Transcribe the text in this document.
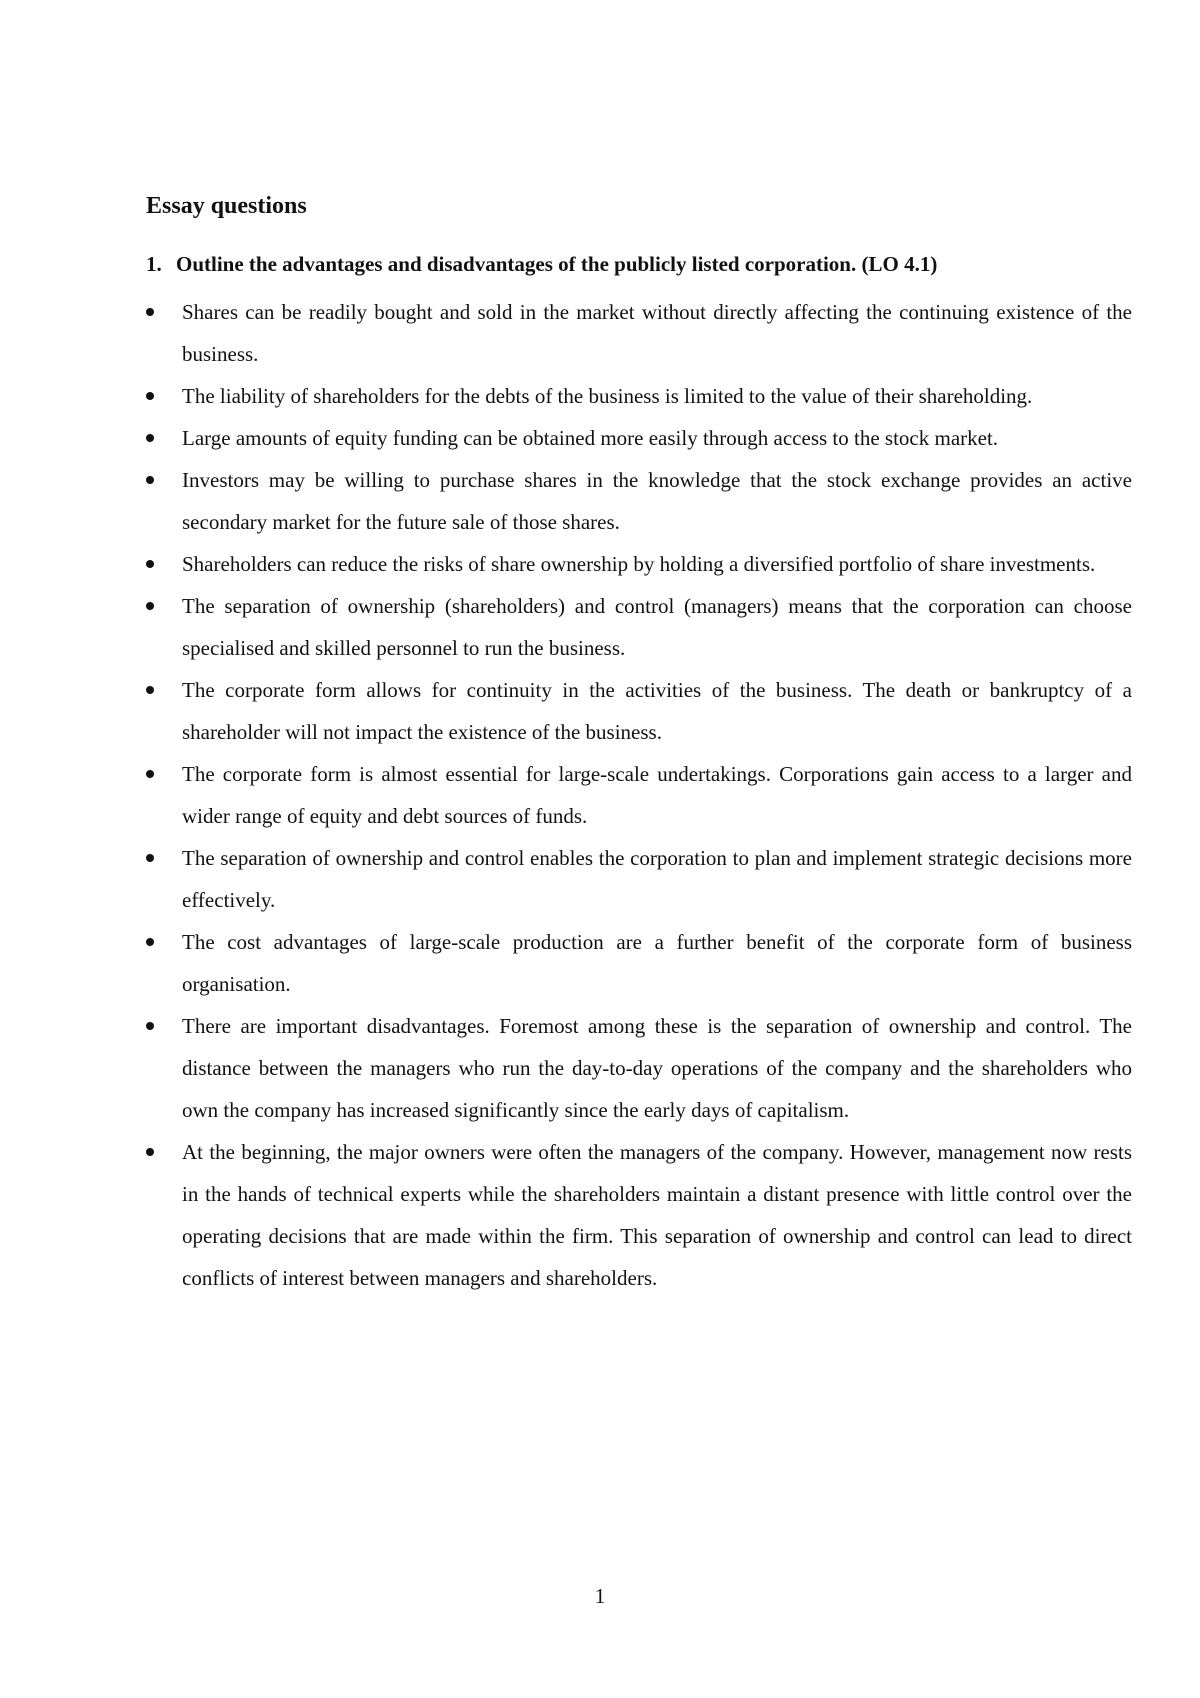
Essay questions

1. Outline the advantages and disadvantages of the publicly listed corporation. (LO 4.1)

Shares can be readily bought and sold in the market without directly affecting the continuing existence of the business.
The liability of shareholders for the debts of the business is limited to the value of their shareholding.
Large amounts of equity funding can be obtained more easily through access to the stock market.
Investors may be willing to purchase shares in the knowledge that the stock exchange provides an active secondary market for the future sale of those shares.
Shareholders can reduce the risks of share ownership by holding a diversified portfolio of share investments.
The separation of ownership (shareholders) and control (managers) means that the corporation can choose specialised and skilled personnel to run the business.
The corporate form allows for continuity in the activities of the business. The death or bankruptcy of a shareholder will not impact the existence of the business.
The corporate form is almost essential for large-scale undertakings. Corporations gain access to a larger and wider range of equity and debt sources of funds.
The separation of ownership and control enables the corporation to plan and implement strategic decisions more effectively.
The cost advantages of large-scale production are a further benefit of the corporate form of business organisation.
There are important disadvantages. Foremost among these is the separation of ownership and control. The distance between the managers who run the day-to-day operations of the company and the shareholders who own the company has increased significantly since the early days of capitalism.
At the beginning, the major owners were often the managers of the company. However, management now rests in the hands of technical experts while the shareholders maintain a distant presence with little control over the operating decisions that are made within the firm. This separation of ownership and control can lead to direct conflicts of interest between managers and shareholders.
1
